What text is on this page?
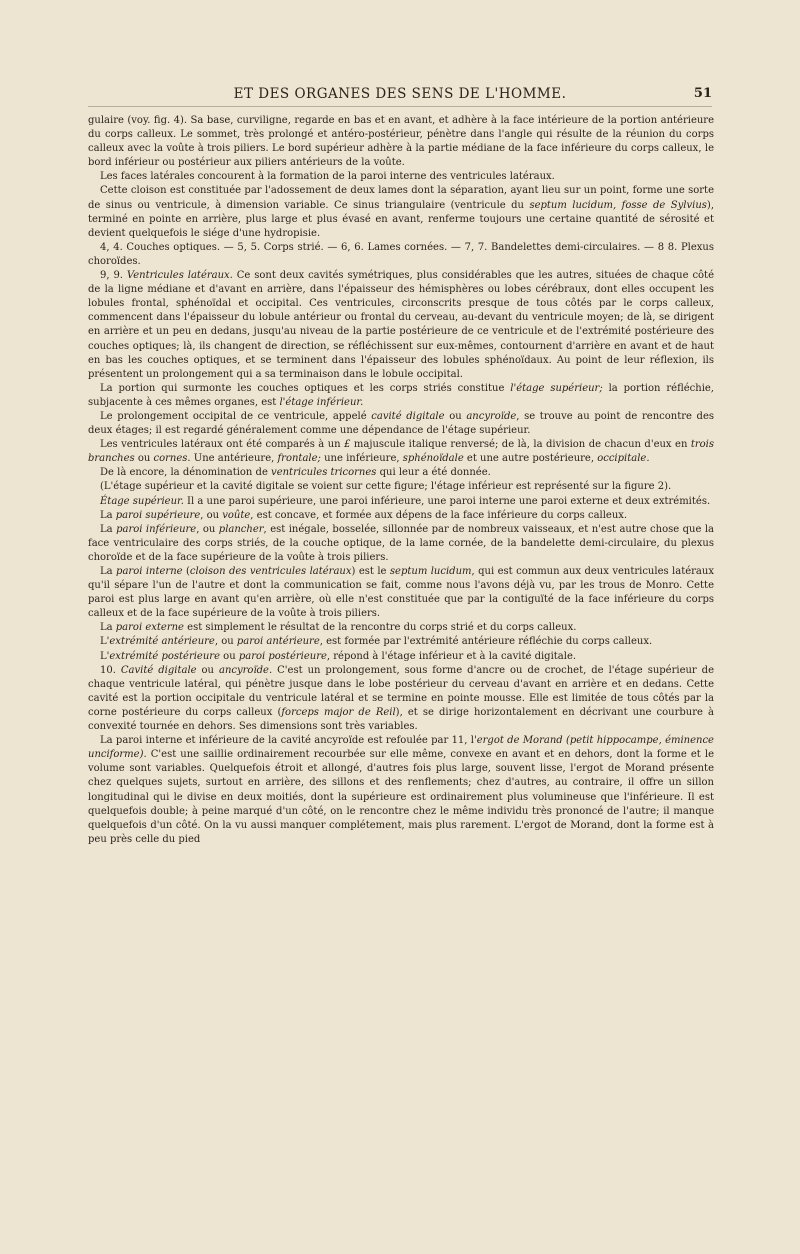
ET DES ORGANES DES SENS DE L'HOMME.	51

gulaire (voy. fig. 4). Sa base, curviligne, regarde en bas et en avant, et adhère à la face intérieure de la portion antérieure du corps calleux. Le sommet, très prolongé et antéro-postérieur, pénètre dans l'angle qui résulte de la réunion du corps calleux avec la voûte à trois piliers. Le bord supérieur adhère à la partie médiane de la face inférieure du corps calleux, le bord inférieur ou postérieur aux piliers antérieurs de la voûte.

Les faces latérales concourent à la formation de la paroi interne des ventricules latéraux.

Cette cloison est constituée par l'adossement de deux lames dont la séparation, ayant lieu sur un point, forme une sorte de sinus ou ventricule, à dimension variable. Ce sinus triangulaire (ventricule du septum lucidum, fosse de Sylvius), terminé en pointe en arrière, plus large et plus évasé en avant, renferme toujours une certaine quantité de sérosité et devient quelquefois le siége d'une hydropisie.

4, 4. Couches optiques. — 5, 5. Corps strié. — 6, 6. Lames cornées. — 7, 7. Bandelettes demi-circulaires. — 8 8. Plexus choroïdes.

9, 9. Ventricules latéraux. Ce sont deux cavités symétriques, plus considérables que les autres, situées de chaque côté de la ligne médiane et d'avant en arrière, dans l'épaisseur des hémisphères ou lobes cérébraux, dont elles occupent les lobules frontal, sphénoïdal et occipital. Ces ventricules, circonscrits presque de tous côtés par le corps calleux, commencent dans l'épaisseur du lobule antérieur ou frontal du cerveau, au-devant du ventricule moyen; de là, se dirigent en arrière et un peu en dedans, jusqu'au niveau de la partie postérieure de ce ventricule et de l'extrémité postérieure des couches optiques; là, ils changent de direction, se réfléchissent sur eux-mêmes, contournent d'arrière en avant et de haut en bas les couches optiques, et se terminent dans l'épaisseur des lobules sphénoïdaux. Au point de leur réflexion, ils présentent un prolongement qui a sa terminaison dans le lobule occipital.

La portion qui surmonte les couches optiques et les corps striés constitue l'étage supérieur; la portion réfléchie, subjacente à ces mêmes organes, est l'étage inférieur.

Le prolongement occipital de ce ventricule, appelé cavité digitale ou ancyroïde, se trouve au point de rencontre des deux étages; il est regardé généralement comme une dépendance de l'étage supérieur.

Les ventricules latéraux ont été comparés à un £ majuscule italique renversé; de là, la division de chacun d'eux en trois branches ou cornes. Une antérieure, frontale; une inférieure, sphénoïdale et une autre postérieure, occipitale.

De là encore, la dénomination de ventricules tricornes qui leur a été donnée.

(L'étage supérieur et la cavité digitale se voient sur cette figure; l'étage inférieur est représenté sur la figure 2).

Étage supérieur. Il a une paroi supérieure, une paroi inférieure, une paroi interne une paroi externe et deux extrémités.

La paroi supérieure, ou voûte, est concave, et formée aux dépens de la face inférieure du corps calleux.

La paroi inférieure, ou plancher, est inégale, bosselée, sillonnée par de nombreux vaisseaux, et n'est autre chose que la face ventriculaire des corps striés, de la couche optique, de la lame cornée, de la bandelette demi-circulaire, du plexus choroïde et de la face supérieure de la voûte à trois piliers.

La paroi interne (cloison des ventricules latéraux) est le septum lucidum, qui est commun aux deux ventricules latéraux qu'il sépare l'un de l'autre et dont la communication se fait, comme nous l'avons déjà vu, par les trous de Monro. Cette paroi est plus large en avant qu'en arrière, où elle n'est constituée que par la contiguïté de la face inférieure du corps calleux et de la face supérieure de la voûte à trois piliers.

La paroi externe est simplement le résultat de la rencontre du corps strié et du corps calleux.

L'extrémité antérieure, ou paroi antérieure, est formée par l'extrémité antérieure réfléchie du corps calleux.

L'extrémité postérieure ou paroi postérieure, répond à l'étage inférieur et à la cavité digitale.

10. Cavité digitale ou ancyroïde. C'est un prolongement, sous forme d'ancre ou de crochet, de l'étage supérieur de chaque ventricule latéral, qui pénètre jusque dans le lobe postérieur du cerveau d'avant en arrière et en dedans. Cette cavité est la portion occipitale du ventricule latéral et se termine en pointe mousse. Elle est limitée de tous côtés par la corne postérieure du corps calleux (forceps major de Reil), et se dirige horizontalement en décrivant une courbure à convexité tournée en dehors. Ses dimensions sont très variables.

La paroi interne et inférieure de la cavité ancyroïde est refoulée par 11, l'ergot de Morand (petit hippocampe, éminence unciforme). C'est une saillie ordinairement recourbée sur elle même, convexe en avant et en dehors, dont la forme et le volume sont variables. Quelquefois étroit et allongé, d'autres fois plus large, souvent lisse, l'ergot de Morand présente chez quelques sujets, surtout en arrière, des sillons et des renflements; chez d'autres, au contraire, il offre un sillon longitudinal qui le divise en deux moitiés, dont la supérieure est ordinairement plus volumineuse que l'inférieure. Il est quelquefois double; à peine marqué d'un côté, on le rencontre chez le même individu très prononcé de l'autre; il manque quelquefois d'un côté. On la vu aussi manquer complétement, mais plus rarement. L'ergot de Morand, dont la forme est à peu près celle du pied
